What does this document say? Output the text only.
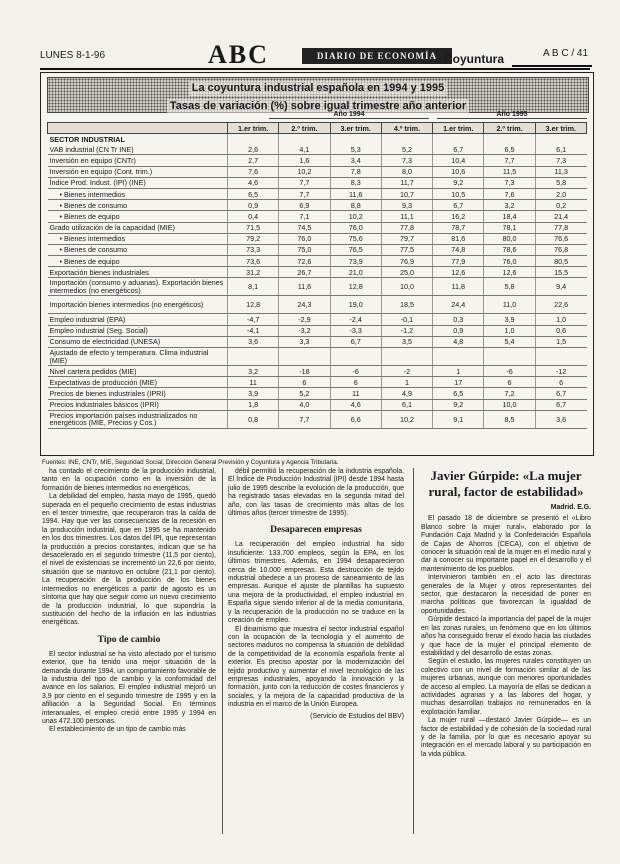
LUNES 8-1-96	ABC	DIARIO DE ECONOMÍA Coyuntura	A B C / 41
La coyuntura industrial española en 1994 y 1995
Tasas de variación (%) sobre igual trimestre año anterior
Año 1994	Año 1995
	1.er trim.	2.º trim.	3.er trim.	4.º trim.	1.er trim.	2.º trim.	3.er trim.
SECTOR INDUSTRIAL							
VAB industrial (CN Tr INE)	2,6	4,1	5,3	5,2	6,7	6,5	6,1
Inversión en equipo (CNTr)	2,7	1,6	3,4	7,3	10,4	7,7	7,3
Inversión en equipo (Cont. trim.)	7,6	10,2	7,8	8,0	10,6	11,5	11,3
Índice Prod. Indust. (IPI) (INE)	4,6	7,7	8,3	11,7	9,2	7,3	5,8
• Bienes intermedios	6,5	7,7	11,6	10,7	10,5	7,6	2,0
• Bienes de consumo	0,9	6,9	8,8	9,3	6,7	3,2	0,2
• Bienes de equipo	0,4	7,1	10,2	11,1	16,2	18,4	21,4
Grado utilización de la capacidad (MIE)	71,5	74,5	76,0	77,8	78,7	78,1	77,8
• Bienes intermedios	79,2	76,0	75,6	79,7	81,6	80,0	76,6
• Bienes de consumo	73,3	75,0	76,5	77,5	74,8	78,6	76,8
• Bienes de equipo	73,6	72,6	73,9	76,9	77,9	76,0	80,5
Exportación bienes industriales	31,2	26,7	21,0	25,0	12,6	12,6	15,5
Importación (consumo y aduanas). Exportación bienes intermedios (no energéticos)	8,1	11,6	12,8	10,0	11,8	5,8	9,4
Importación bienes intermedios (no energéticos)	12,8	24,3	19,0	18,5	24,4	11,0	22,6
Empleo industrial (EPA)	-4,7	-2,9	-2,4	-0,1	0,3	3,9	1,0
Empleo industrial (Seg. Social)	-4,1	-3,2	-3,3	-1,2	0,9	1,0	0,6
Consumo de electricidad (UNESA)	3,6	3,3	6,7	3,5	4,8	5,4	1,5
Ajustado de efecto y temperatura. Clima industrial (MIE)							
Nivel cartera pedidos (MIE)	3,2	-18	-6	-2	1	-6	-12
Expectativas de producción (MIE)	11	6	6	1	17	6	6
Precios de bienes industriales (IPRI)	3,9	5,2	11	4,9	6,5	7,2	6,7
Precios industriales básicos (IPRI)	1,8	4,0	4,6	6,1	9,2	10,0	6,7
Precios importación países industrializados no energéticos (MIE, Precios y Cos.)	0,8	7,7	6,6	10,2	9,1	8,5	3,6
Fuentes: INE, CNTr, MIE, Seguridad Social, Dirección General Previsión y Coyuntura y Agencia Tributaria.

ha contado el crecimiento de la producción industrial, tanto en la ocupación como en la inversión de la formación de bienes intermedios no energéticos.

La debilidad del empleo, hasta mayo de 1995, quedó superada en el pequeño crecimiento de estas industrias en el tercer trimestre, que recuperaron tras la caída de 1994. Hay que ver las consecuencias de la recesión en la producción industrial, que en 1995 se ha mantenido en los dos trimestres. Los datos del IPI, que representan la producción a precios constantes, indican que se ha desacelerado en el segundo trimestre (11,5 por ciento), el nivel de existencias se incrementó un 22,6 por ciento, situación que se mantuvo en octubre (21,1 por ciento). La recuperación de la producción de los bienes intermedios no energéticos a partir de agosto es un síntoma que hay que seguir como un nuevo crecimiento de la producción industrial, lo que supondría la sustitución del hecho de la inflación en las industrias energéticas.

Tipo de cambio

El sector industrial se ha visto afectado por el turismo exterior, que ha tenido una mejor situación de la demanda durante 1994, un comportamiento favorable de la industria del tipo de cambio y la conformidad del avance en los salarios. El empleo industrial mejoró un 3,9 por ciento en el segundo trimestre de 1995 y en la afiliación a la Seguridad Social. En términos interanuales, el empleo creció entre 1995 y 1994 en unas 472.100 personas.

El establecimiento de un tipo de cambio más

débil permitió la recuperación de la industria española. El Índice de Producción Industrial (IPI) desde 1994 hasta julio de 1995 describe la evolución de la producción, que ha registrado tasas elevadas en la segunda mitad del año, con las tasas de crecimiento más altas de los últimos años (tercer trimestre de 1995).

Desaparecen empresas

La recuperación del empleo industrial ha sido insuficiente: 133.700 empleos, según la EPA, en los últimos trimestres. Además, en 1994 desaparecieron cerca de 10.000 empresas. Esta destrucción de tejido industrial obedece a un proceso de saneamiento de las empresas. Aunque el ajuste de plantillas ha supuesto una mejora de la productividad, el empleo industrial en España sigue siendo inferior al de la media comunitaria, y la recuperación de la producción no se traduce en la creación de empleo.

El dinamismo que muestra el sector industrial español con la ocupación de la tecnología y el aumento de sectores maduros no compensa la situación de debilidad de la competitividad de la economía española frente al exterior. Es preciso apostar por la modernización del tejido productivo y aumentar el nivel tecnológico de las empresas industriales, apoyando la innovación y la formación, junto con la reducción de costes financieros y sociales, y la mejora de la capacidad productiva de la industria en el marco de la Unión Europea.

(Servicio de Estudios del BBV)
Javier Gúrpide: «La mujer rural, factor de estabilidad»
Madrid. E.G.

El pasado 18 de diciembre se presentó el «Libro Blanco sobre la mujer rural», elaborado por la Fundación Caja Madrid y la Confederación Española de Cajas de Ahorros (CECA), con el objetivo de conocer la situación real de la mujer en el medio rural y dar a conocer su importante papel en el desarrollo y el mantenimiento de los pueblos.

Intervinieron también en el acto las directoras generales de la Mujer y otros representantes del sector, que destacaron la necesidad de poner en marcha políticas que favorezcan la igualdad de oportunidades.

Gúrpide destacó la importancia del papel de la mujer en las zonas rurales, un fenómeno que en los últimos años ha conseguido frenar el éxodo hacia las ciudades y que hace de la mujer el principal elemento de estabilidad y del desarrollo de estas zonas.

Según el estudio, las mujeres rurales constituyen un colectivo con un nivel de formación similar al de las mujeres urbanas, aunque con menores oportunidades de acceso al empleo. La mayoría de ellas se dedican a actividades agrarias y a las labores del hogar, y muchas desarrollan trabajos no remunerados en la explotación familiar.

La mujer rural —destacó Javier Gúrpide— es un factor de estabilidad y de cohesión de la sociedad rural y de la familia, por lo que es necesario apoyar su integración en el mercado laboral y su participación en la vida pública.
